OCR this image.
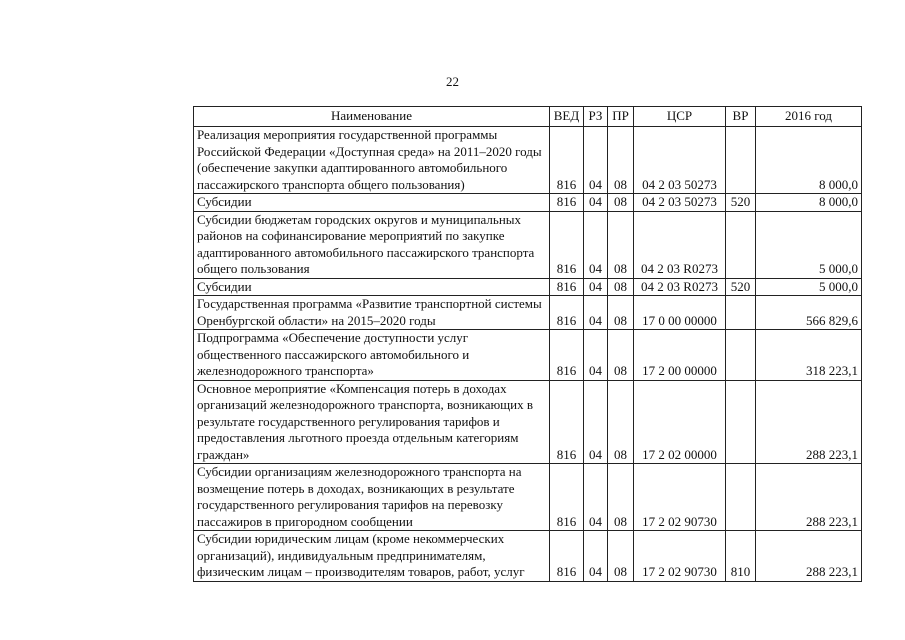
22
Наименование	ВЕД	РЗ	ПР	ЦСР	ВР	2016 год
Реализация мероприятия государственной программы Российской Федерации «Доступная среда» на 2011–2020 годы (обеспечение закупки адаптированного автомобильного пассажирского транспорта общего пользования)	816	04	08	04 2 03 50273		8 000,0
Субсидии	816	04	08	04 2 03 50273	520	8 000,0
Субсидии бюджетам городских округов и муниципальных районов на софинансирование мероприятий по закупке адаптированного автомобильного пассажирского транспорта общего пользования	816	04	08	04 2 03 R0273		5 000,0
Субсидии	816	04	08	04 2 03 R0273	520	5 000,0
Государственная программа «Развитие транспортной системы Оренбургской области» на 2015–2020 годы	816	04	08	17 0 00 00000		566 829,6
Подпрограмма «Обеспечение доступности услуг общественного пассажирского автомобильного и железнодорожного транспорта»	816	04	08	17 2 00 00000		318 223,1
Основное мероприятие «Компенсация потерь в доходах организаций железнодорожного транспорта, возникающих в результате государственного регулирования тарифов и предоставления льготного проезда отдельным категориям граждан»	816	04	08	17 2 02 00000		288 223,1
Субсидии организациям железнодорожного транспорта на возмещение потерь в доходах, возникающих в результате государственного регулирования тарифов на перевозку пассажиров в пригородном сообщении	816	04	08	17 2 02 90730		288 223,1
Субсидии юридическим лицам (кроме некоммерческих организаций), индивидуальным предпринимателям, физическим лицам – производителям товаров, работ, услуг	816	04	08	17 2 02 90730	810	288 223,1
